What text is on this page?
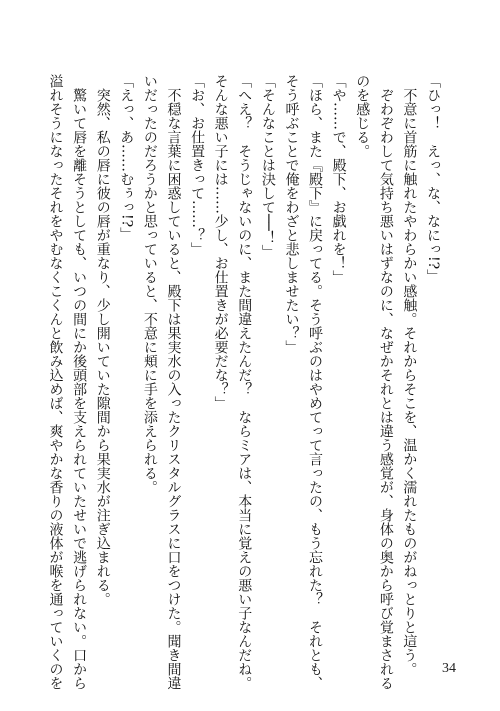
「ひっ！　えっ、な、なにっ!?」
　不意に首筋に触れたやわらかい感触。それからそこを、温かく濡れたものがねっとりと這う。
　ぞわぞわして気持ち悪いはずなのに、なぜかそれとは違う感覚が、身体の奥から呼び覚まされる
のを感じる。
「や……で、殿下、お戯れを！」
「ほら、また『殿下』に戻ってる。そう呼ぶのはやめてって言ったの、もう忘れた？　それとも、
そう呼ぶことで俺をわざと悲しませたい？」
「そんなことは決して──！」
「へえ？　そうじゃないのに、また間違えたんだ？　ならミアは、本当に覚えの悪い子なんだね。
そんな悪い子には……少し、お仕置きが必要だな？」
「お、お仕置きって……？」
　不穏な言葉に困惑していると、殿下は果実水の入ったクリスタルグラスに口をつけた。聞き間違
いだったのだろうかと思っていると、不意に頬に手を添えられる。
「えっ、あ……むぅっ!?」
　突然、私の唇に彼の唇が重なり、少し開いていた隙間から果実水が注ぎ込まれる。
　驚いて唇を離そうとしても、いつの間にか後頭部を支えられていたせいで逃げられない。口から
溢れそうになったそれをやむなくこくんと飲み込めば、爽やかな香りの液体が喉を通っていくのを	34
